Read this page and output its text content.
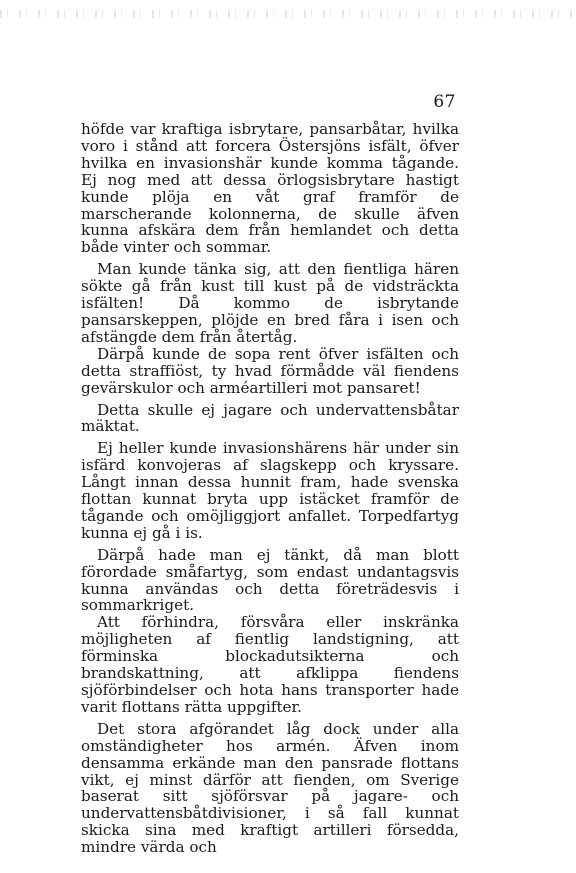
67

höfde var kraftiga isbrytare, pansarbåtar, hvilka voro i stånd att forcera Östersjöns isfält, öfver hvilka en invasionshär kunde komma tågande. Ej nog med att dessa örlogsisbrytare hastigt kunde plöja en våt graf framför de marscherande kolonnerna, de skulle äfven kunna afskära dem från hemlandet och detta både vinter och sommar.

Man kunde tänka sig, att den fientliga hären sökte gå från kust till kust på de vidsträckta isfälten! Då kommo de isbrytande pansarskeppen, plöjde en bred fåra i isen och afstängde dem från återtåg.

Därpå kunde de sopa rent öfver isfälten och detta straffiöst, ty hvad förmådde väl fiendens gevärskulor och arméartilleri mot pansaret!

Detta skulle ej jagare och undervattensbåtar mäktat.

Ej heller kunde invasionshärens här under sin isfärd konvojeras af slagskepp och kryssare. Långt innan dessa hunnit fram, hade svenska flottan kunnat bryta upp istäcket framför de tågande och omöjliggjort anfallet. Torpedfartyg kunna ej gå i is.

Därpå hade man ej tänkt, då man blott förordade småfartyg, som endast undantagsvis kunna användas och detta företrädesvis i sommarkriget.

Att förhindra, försvåra eller inskränka möjligheten af fientlig landstigning, att förminska blockadutsikterna och brandskattning, att afklippa fiendens sjöförbindelser och hota hans transporter hade varit flottans rätta uppgifter.

Det stora afgörandet låg dock under alla omständigheter hos armén. Äfven inom densamma erkände man den pansrade flottans vikt, ej minst därför att fienden, om Sverige baserat sitt sjöförsvar på jagare- och undervattensbåtdivisioner, i så fall kunnat skicka sina med kraftigt artilleri försedda, mindre värda och
